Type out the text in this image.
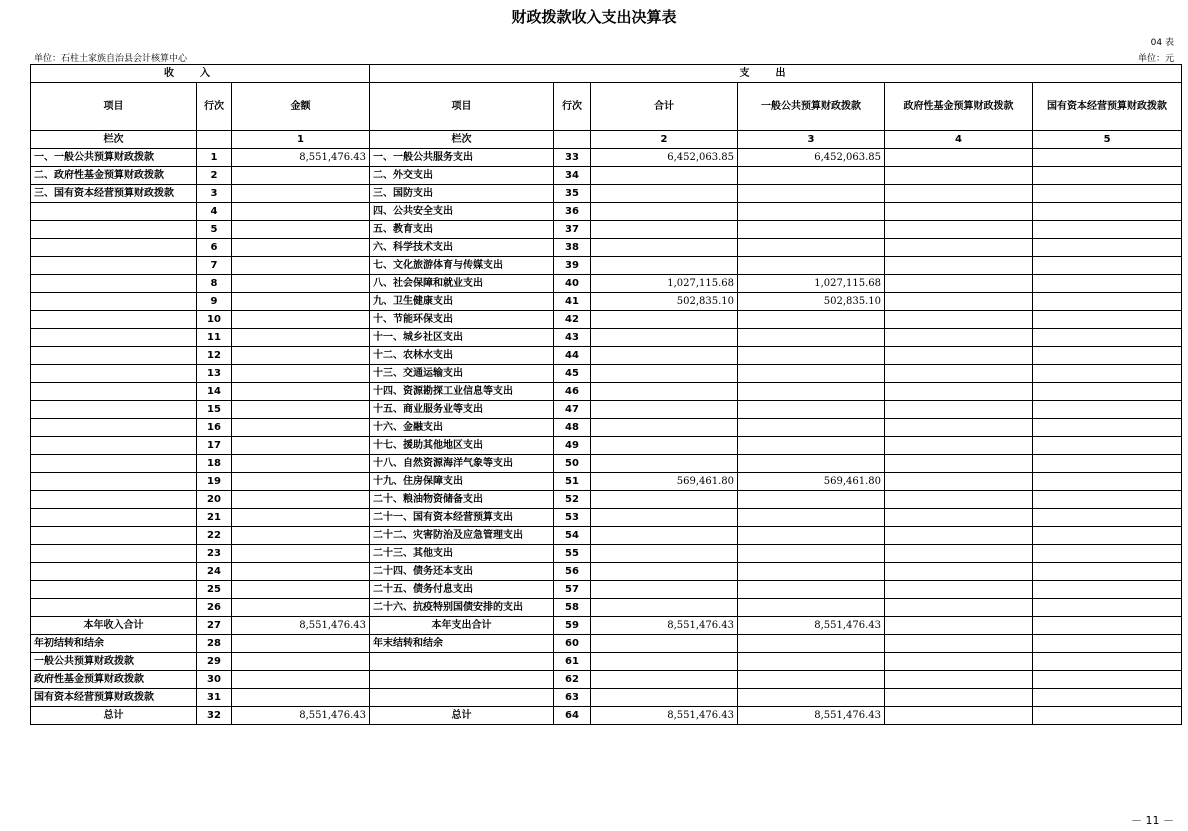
财政拨款收入支出决算表
04 表
单位：石柱土家族自治县会计核算中心	单位：元
收入			支出					
项目	行次	金额	项目	行次	合计	一般公共预算财政拨款	政府性基金预算财政拨款	国有资本经营预算财政拨款
栏次		1	栏次		2	3	4	5
一、一般公共预算财政拨款	1	8,551,476.43	一、一般公共服务支出	33	6,452,063.85	6,452,063.85		
二、政府性基金预算财政拨款	2		二、外交支出	34				
三、国有资本经营预算财政拨款	3		三、国防支出	35				
	4		四、公共安全支出	36				
	5		五、教育支出	37				
	6		六、科学技术支出	38				
	7		七、文化旅游体育与传媒支出	39				
	8		八、社会保障和就业支出	40	1,027,115.68	1,027,115.68		
	9		九、卫生健康支出	41	502,835.10	502,835.10		
	10		十、节能环保支出	42				
	11		十一、城乡社区支出	43				
	12		十二、农林水支出	44				
	13		十三、交通运输支出	45				
	14		十四、资源勘探工业信息等支出	46				
	15		十五、商业服务业等支出	47				
	16		十六、金融支出	48				
	17		十七、援助其他地区支出	49				
	18		十八、自然资源海洋气象等支出	50				
	19		十九、住房保障支出	51	569,461.80	569,461.80		
	20		二十、粮油物资储备支出	52				
	21		二十一、国有资本经营预算支出	53				
	22		二十二、灾害防治及应急管理支出	54				
	23		二十三、其他支出	55				
	24		二十四、债务还本支出	56				
	25		二十五、债务付息支出	57				
	26		二十六、抗疫特别国债安排的支出	58				
本年收入合计	27	8,551,476.43	本年支出合计	59	8,551,476.43	8,551,476.43		
年初结转和结余	28		年末结转和结余	60				
一般公共预算财政拨款	29			61				
政府性基金预算财政拨款	30			62				
国有资本经营预算财政拨款	31			63				
总计	32	8,551,476.43	总计	64	8,551,476.43	8,551,476.43		
－ 11 －
